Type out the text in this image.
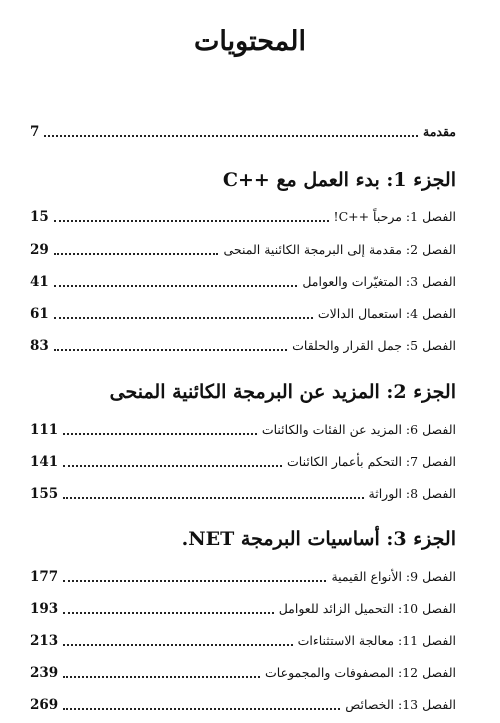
المحتويات
مقدمة
7
الجزء 1: بدء العمل مع ++C
الفصل 1: مرحباً ++C!
15
الفصل 2: مقدمة إلى البرمجة الكائنية المنحى
29
الفصل 3: المتغيّرات والعوامل
41
الفصل 4: استعمال الدالات
61
الفصل 5: جمل القرار والحلقات
83
الجزء 2: المزيد عن البرمجة الكائنية المنحى
الفصل 6: المزيد عن الفئات والكائنات
111
الفصل 7: التحكم بأعمار الكائنات
141
الفصل 8: الوراثة
155
الجزء 3: أساسيات البرمجة NET.
الفصل 9: الأنواع القيمية
177
الفصل 10: التحميل الزائد للعوامل
193
الفصل 11: معالجة الاستثناءات
213
الفصل 12: المصفوفات والمجموعات
239
الفصل 13: الخصائص
269
